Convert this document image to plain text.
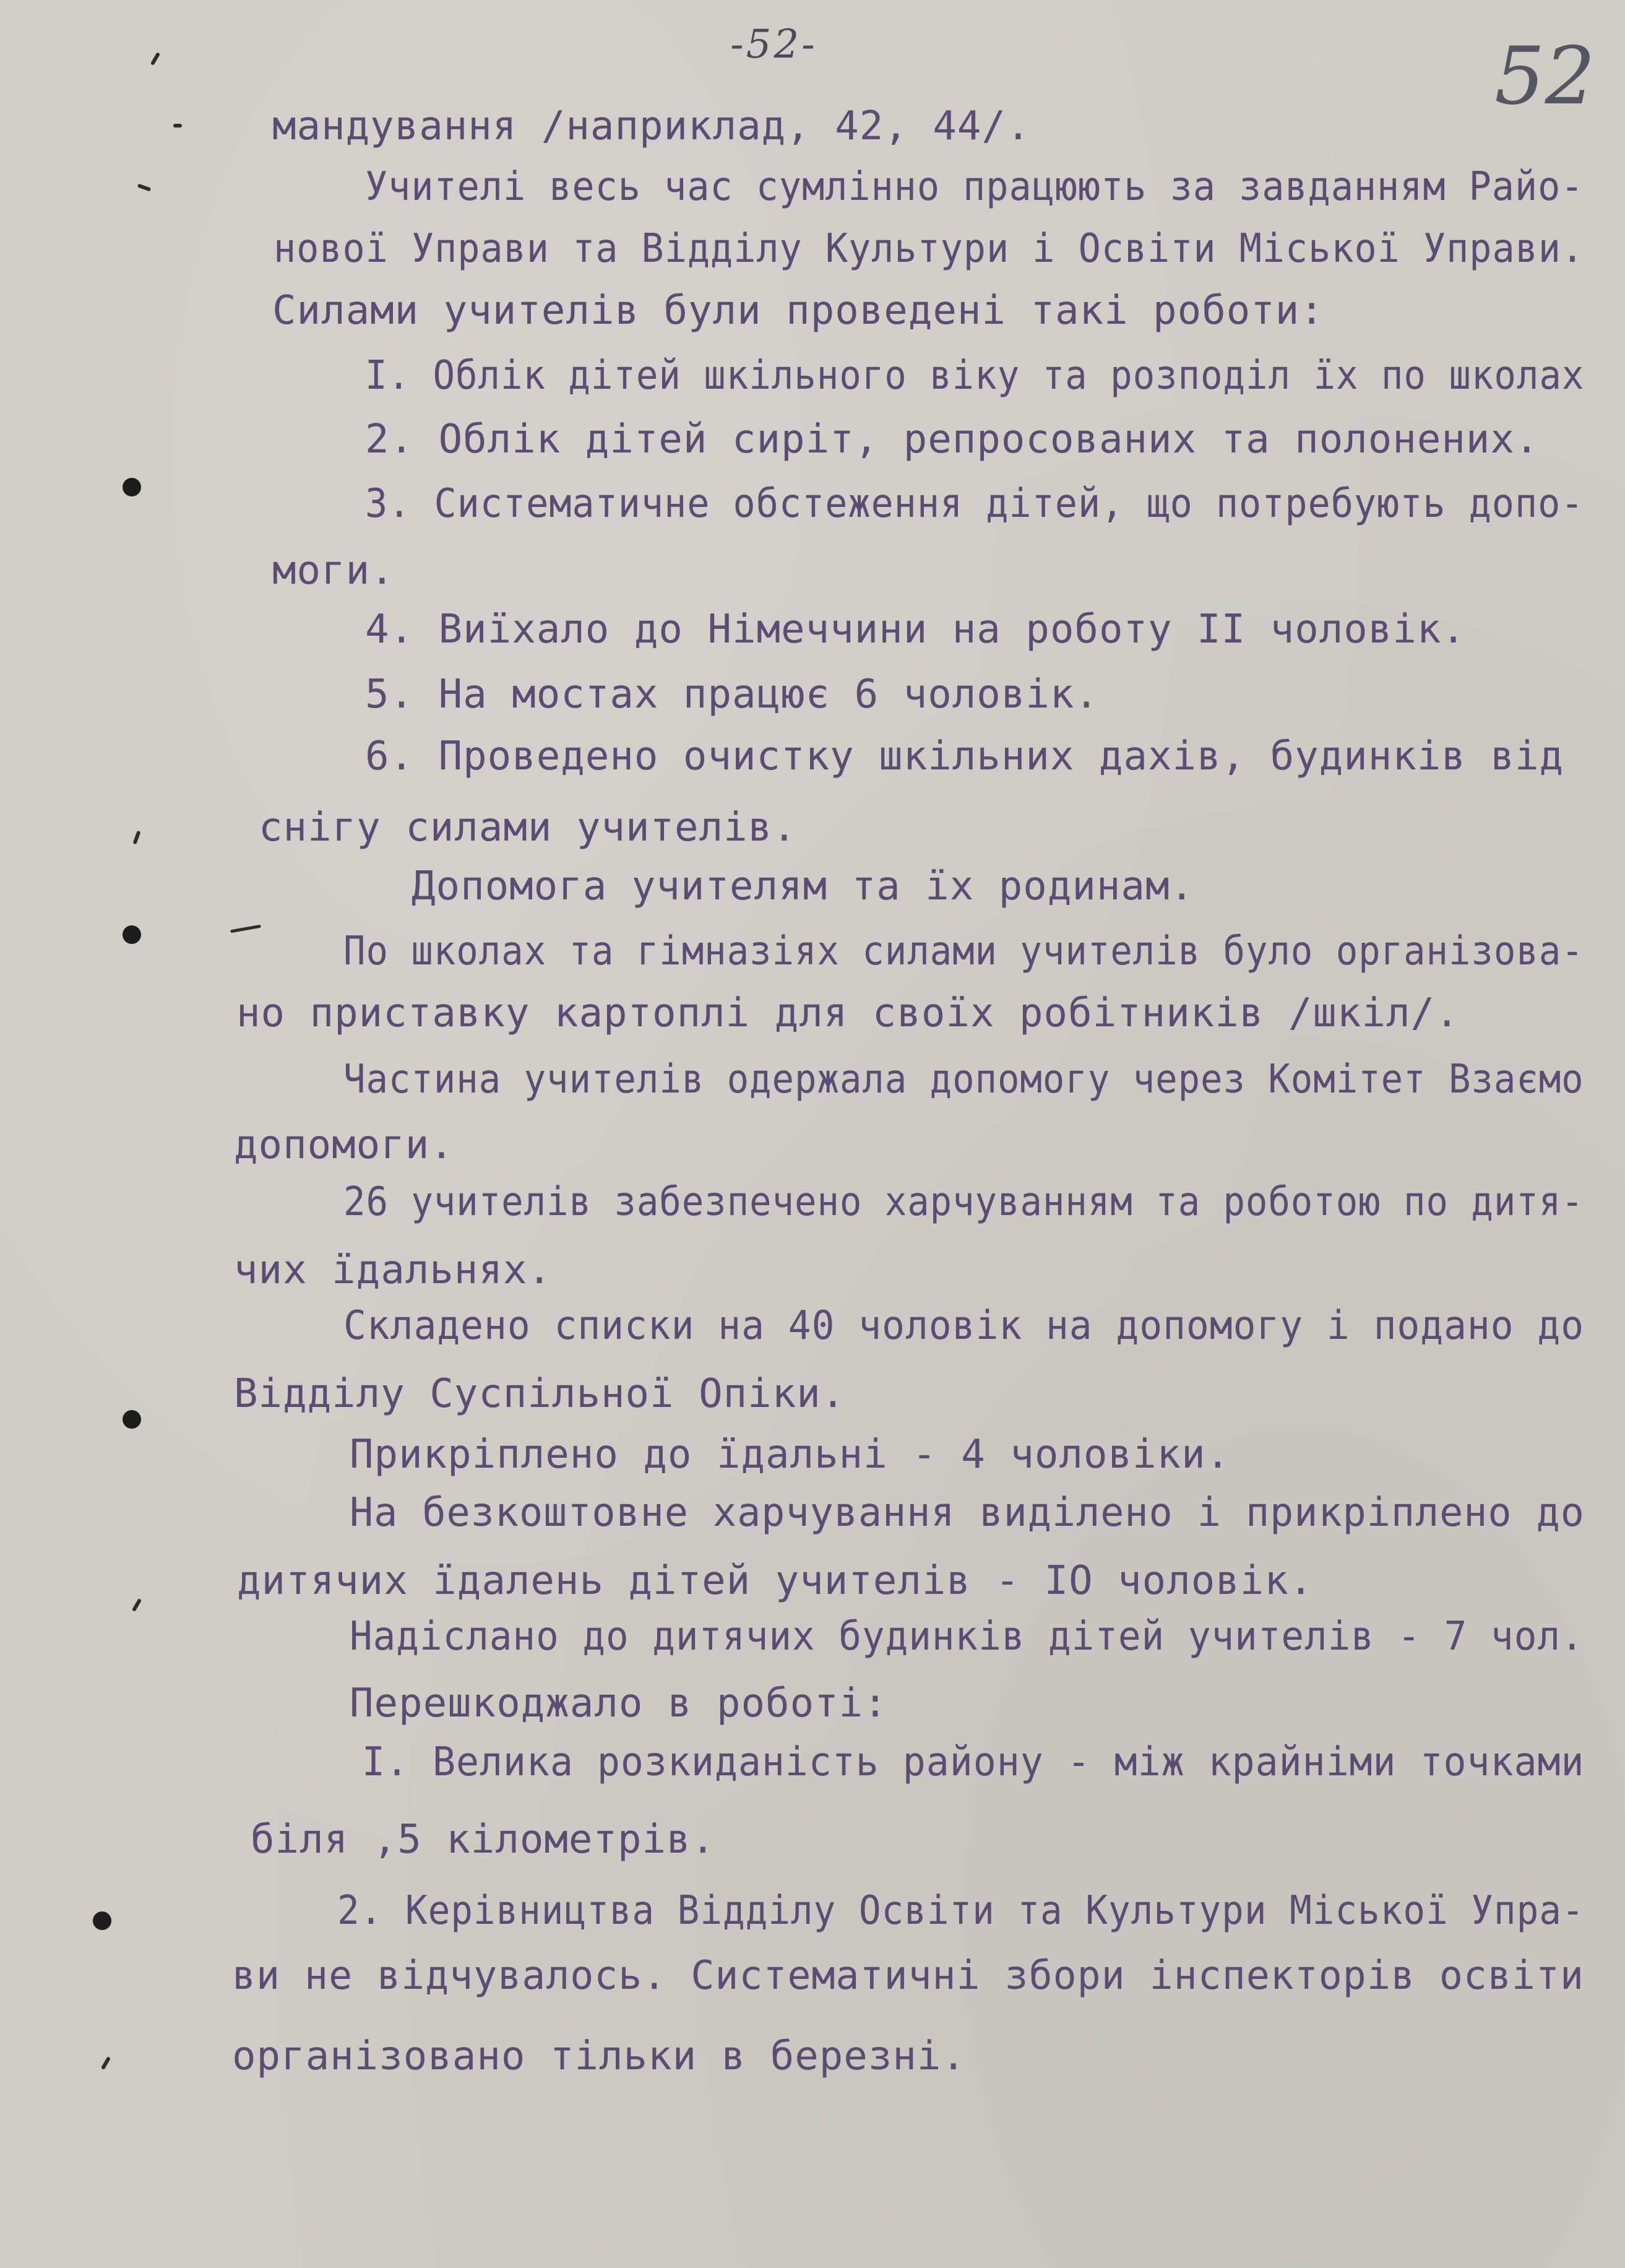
-52-	52
мандування /наприклад, 42, 44/.
Учителі весь час сумлінно працюють за завданням Райо-
нової Управи та Відділу Культури і Освіти Міської Управи.
Силами учителів були проведені такі роботи:
I. Облік дітей шкільного віку та розподіл їх по школах
2. Облік дітей сиріт, репросованих та полонених.
3. Систематичне обстеження дітей, що потребують допо-
моги.
4. Виїхало до Німеччини на роботу II чоловік.
5. На мостах працює 6 чоловік.
6. Проведено очистку шкільних дахів, будинків від
снігу силами учителів.
Допомога учителям та їх родинам.
По школах та гімназіях силами учителів було організова-
но приставку картоплі для своїх робітників /шкіл/.
Частина учителів одержала допомогу через Комітет Взаємо
допомоги.
26 учителів забезпечено харчуванням та роботою по дитя-
чих їдальнях.
Складено списки на 40 чоловік на допомогу і подано до
Відділу Суспільної Опіки.
Прикріплено до їдальні - 4 чоловіки.
На безкоштовне харчування виділено і прикріплено до
дитячих їдалень дітей учителів - IO чоловік.
Надіслано до дитячих будинків дітей учителів - 7 чол.
Перешкоджало в роботі:
I. Велика розкиданість району - між крайніми точками
біля ,5 кілометрів.
2. Керівництва Відділу Освіти та Культури Міської Упра-
ви не відчувалось. Систематичні збори інспекторів освіти
організовано тільки в березні.
